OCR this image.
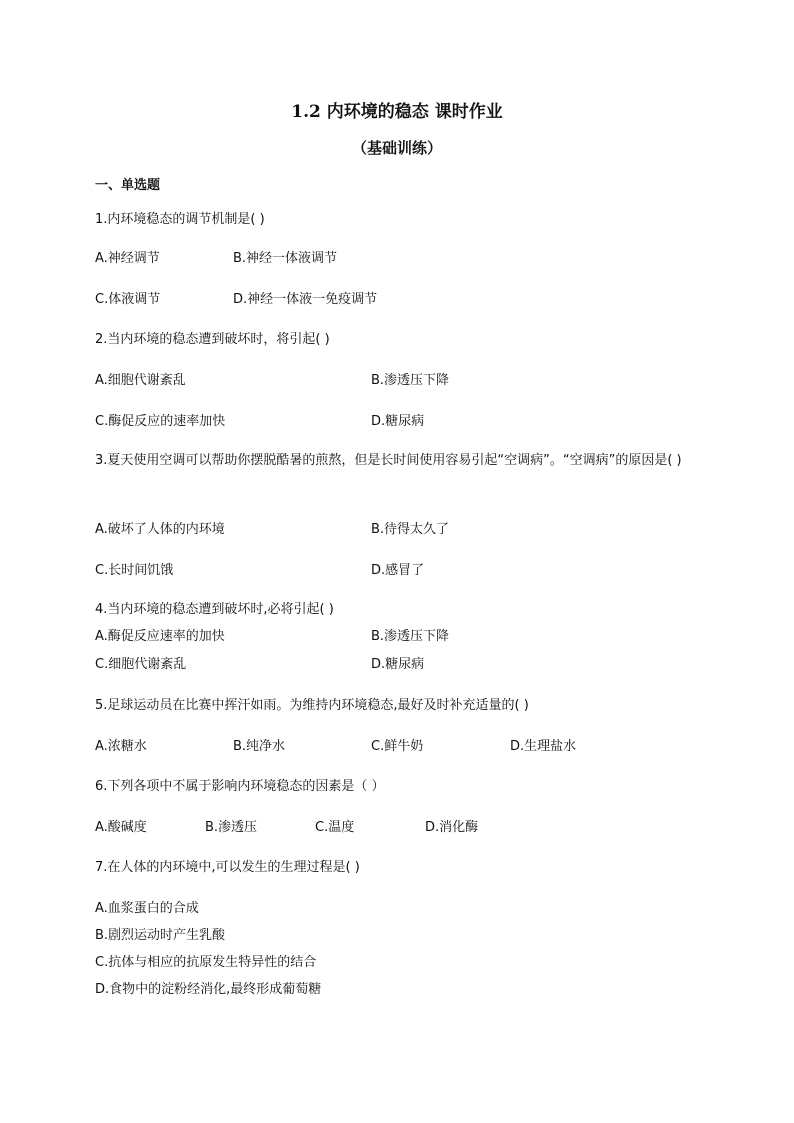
1.2 内环境的稳态 课时作业
（基础训练）
一、单选题
1.内环境稳态的调节机制是( )
A.神经调节	B.神经一体液调节
C.体液调节	D.神经一体液一免疫调节
2.当内环境的稳态遭到破坏时，将引起( )
A.细胞代谢紊乱	B.渗透压下降
C.酶促反应的速率加快	D.糖尿病
3.夏天使用空调可以帮助你摆脱酷暑的煎熬，但是长时间使用容易引起“空调病”。“空调病”的原因是( )
A.破坏了人体的内环境	B.待得太久了
C.长时间饥饿	D.感冒了
4.当内环境的稳态遭到破坏时,必将引起( )
A.酶促反应速率的加快	B.渗透压下降
C.细胞代谢紊乱	D.糖尿病
5.足球运动员在比赛中挥汗如雨。为维持内环境稳态,最好及时补充适量的( )
A.浓糖水	B.纯净水	C.鲜牛奶	D.生理盐水
6.下列各项中不属于影响内环境稳态的因素是（ ）
A.酸碱度	B.渗透压	C.温度	D.消化酶
7.在人体的内环境中,可以发生的生理过程是( )
A.血浆蛋白的合成
B.剧烈运动时产生乳酸
C.抗体与相应的抗原发生特异性的结合
D.食物中的淀粉经消化,最终形成葡萄糖
